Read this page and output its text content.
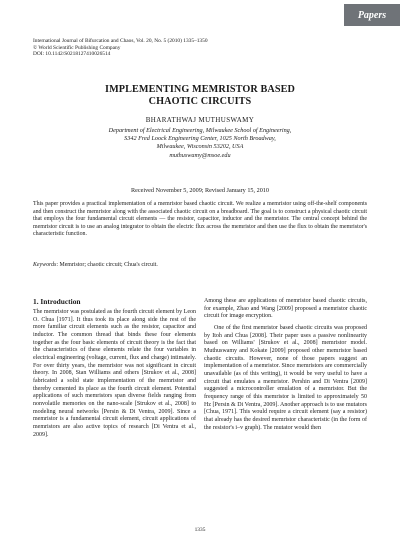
Papers
International Journal of Bifurcation and Chaos, Vol. 20, No. 5 (2010) 1335–1350
© World Scientific Publishing Company
DOI: 10.1142/S0218127410026514
IMPLEMENTING MEMRISTOR BASED
CHAOTIC CIRCUITS
BHARATHWAJ MUTHUSWAMY
Department of Electrical Engineering, Milwaukee School of Engineering,
S342 Fred Loock Engineering Center, 1025 North Broadway,
Milwaukee, Wisconsin 53202, USA
muthuswamy@msoe.edu
Received November 5, 2009; Revised January 15, 2010
This paper provides a practical implementation of a memristor based chaotic circuit. We realize a memristor using off-the-shelf components and then construct the memristor along with the associated chaotic circuit on a breadboard. The goal is to construct a physical chaotic circuit that employs the four fundamental circuit elements — the resistor, capacitor, inductor and the memristor. The central concept behind the memristor circuit is to use an analog integrator to obtain the electric flux across the memristor and then use the flux to obtain the memristor's characteristic function.
Keywords: Memristor; chaotic circuit; Chua's circuit.
1. Introduction

The memristor was postulated as the fourth circuit element by Leon O. Chua [1971]. It thus took its place along side the rest of the more familiar circuit elements such as the resistor, capacitor and inductor. The common thread that binds these four elements together as the four basic elements of circuit theory is the fact that the characteristics of these elements relate the four variables in electrical engineering (voltage, current, flux and charge) intimately. For over thirty years, the memristor was not significant in circuit theory. In 2008, Stan Williams and others [Strukov et al., 2008] fabricated a solid state implementation of the memristor and thereby cemented its place as the fourth circuit element. Potential applications of such memristors span diverse fields ranging from nonvolatile memories on the nano-scale [Strukov et al., 2008] to modeling neural networks [Persin & Di Ventra, 2009]. Since a memristor is a fundamental circuit element, circuit applications of memristors are also active topics of research [Di Ventra et al., 2009].

Among these are applications of memristor based chaotic circuits, for example, Zhao and Wang [2009] proposed a memristor chaotic circuit for image encryption.

One of the first memristor based chaotic circuits was proposed by Itoh and Chua [2008]. Their paper uses a passive nonlinearity based on Williams' [Strukov et al., 2008] memristor model. Muthuswamy and Kokate [2009] proposed other memristor based chaotic circuits. However, none of those papers suggest an implementation of a memristor. Since memristors are commercially unavailable (as of this writing), it would be very useful to have a circuit that emulates a memristor. Pershin and Di Ventra [2009] suggested a microcontroller emulation of a memristor. But the frequency range of this memristor is limited to approximately 50 Hz [Persin & Di Ventra, 2009]. Another approach is to use mutators [Chua, 1971]. This would require a circuit element (say a resistor) that already has the desired memristor characteristic (in the form of the resistor's i–v graph). The mutator would then

1335
